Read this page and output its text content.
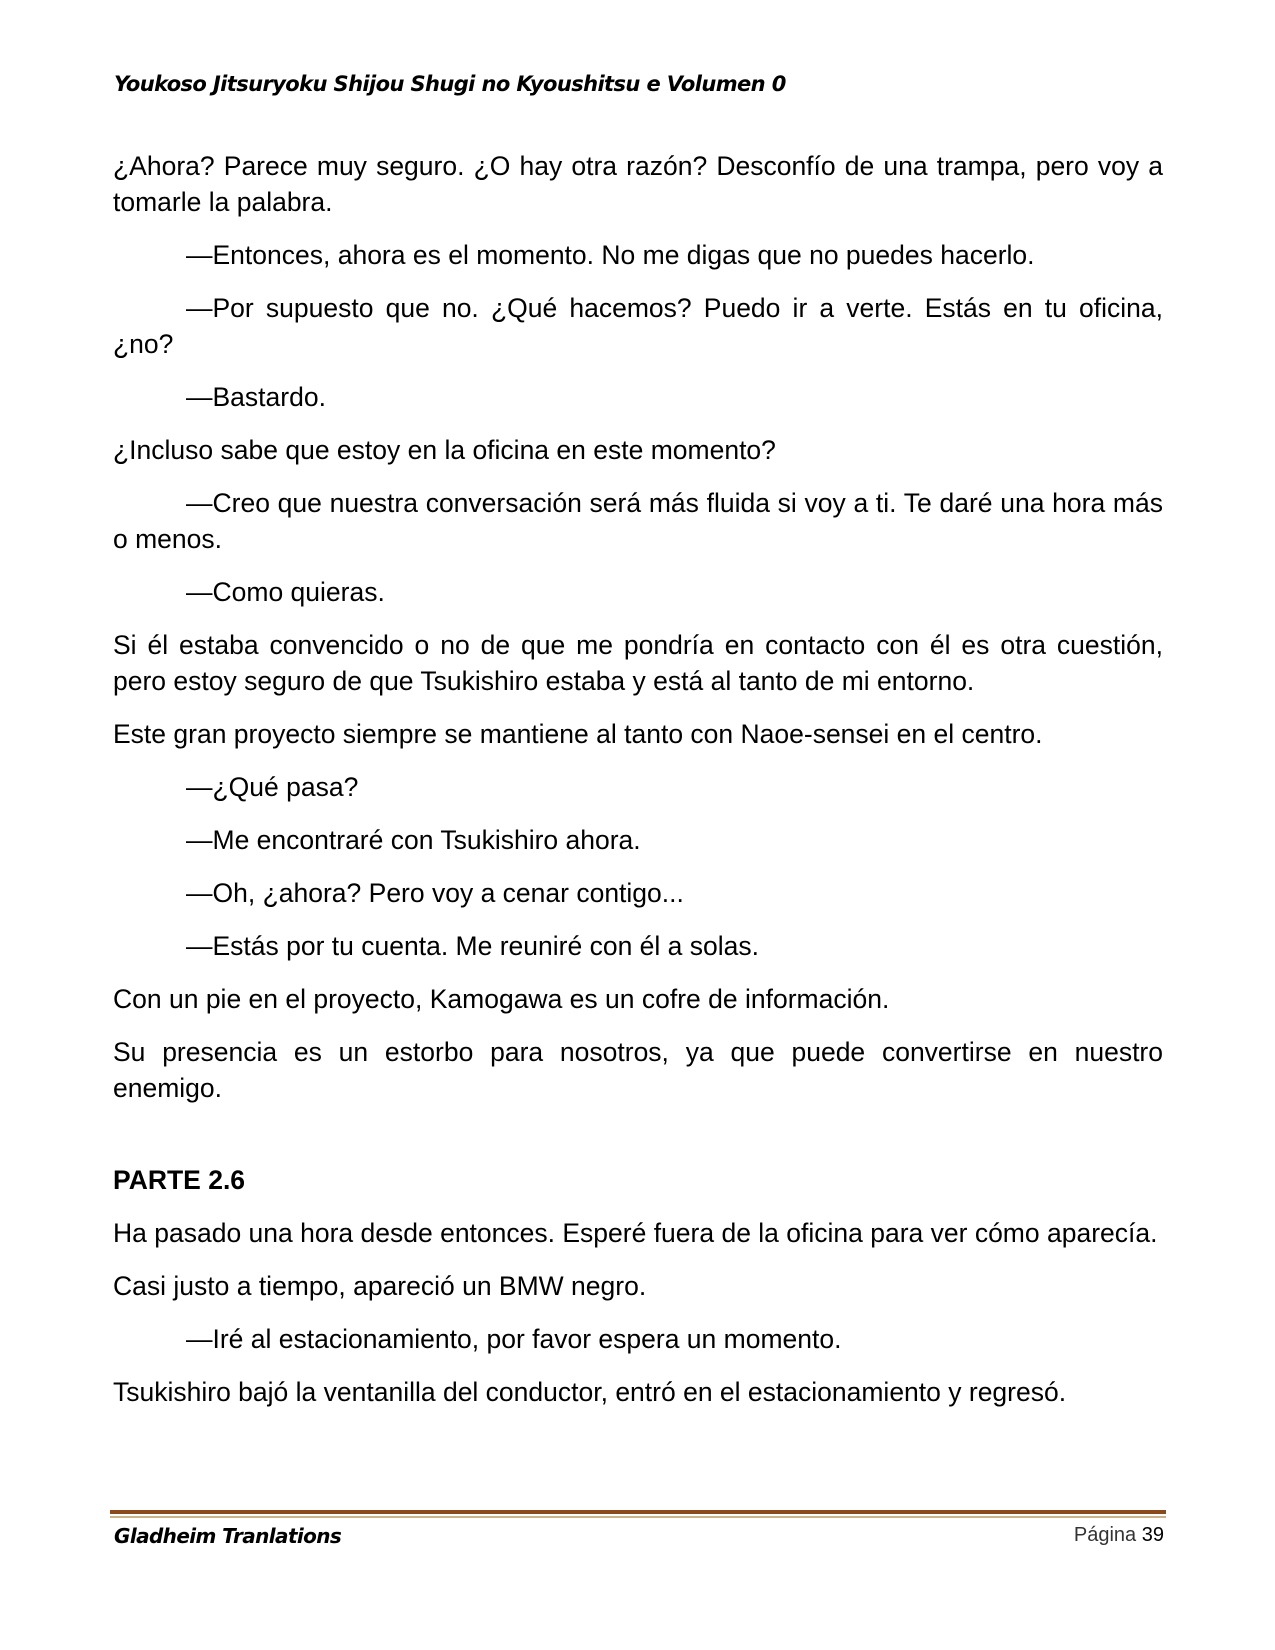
Youkoso Jitsuryoku Shijou Shugi no Kyoushitsu e Volumen 0

¿Ahora? Parece muy seguro. ¿O hay otra razón? Desconfío de una trampa, pero voy a tomarle la palabra.

—Entonces, ahora es el momento. No me digas que no puedes hacerlo.

—Por supuesto que no. ¿Qué hacemos? Puedo ir a verte. Estás en tu oficina, ¿no?

—Bastardo.

¿Incluso sabe que estoy en la oficina en este momento?

—Creo que nuestra conversación será más fluida si voy a ti. Te daré una hora más o menos.

—Como quieras.

Si él estaba convencido o no de que me pondría en contacto con él es otra cuestión, pero estoy seguro de que Tsukishiro estaba y está al tanto de mi entorno.

Este gran proyecto siempre se mantiene al tanto con Naoe-sensei en el centro.

—¿Qué pasa?

—Me encontraré con Tsukishiro ahora.

—Oh, ¿ahora? Pero voy a cenar contigo...

—Estás por tu cuenta. Me reuniré con él a solas.

Con un pie en el proyecto, Kamogawa es un cofre de información.

Su presencia es un estorbo para nosotros, ya que puede convertirse en nuestro enemigo.

PARTE 2.6

Ha pasado una hora desde entonces. Esperé fuera de la oficina para ver cómo aparecía.

Casi justo a tiempo, apareció un BMW negro.

—Iré al estacionamiento, por favor espera un momento.

Tsukishiro bajó la ventanilla del conductor, entró en el estacionamiento y regresó.

Gladheim Tranlations	Página 39
